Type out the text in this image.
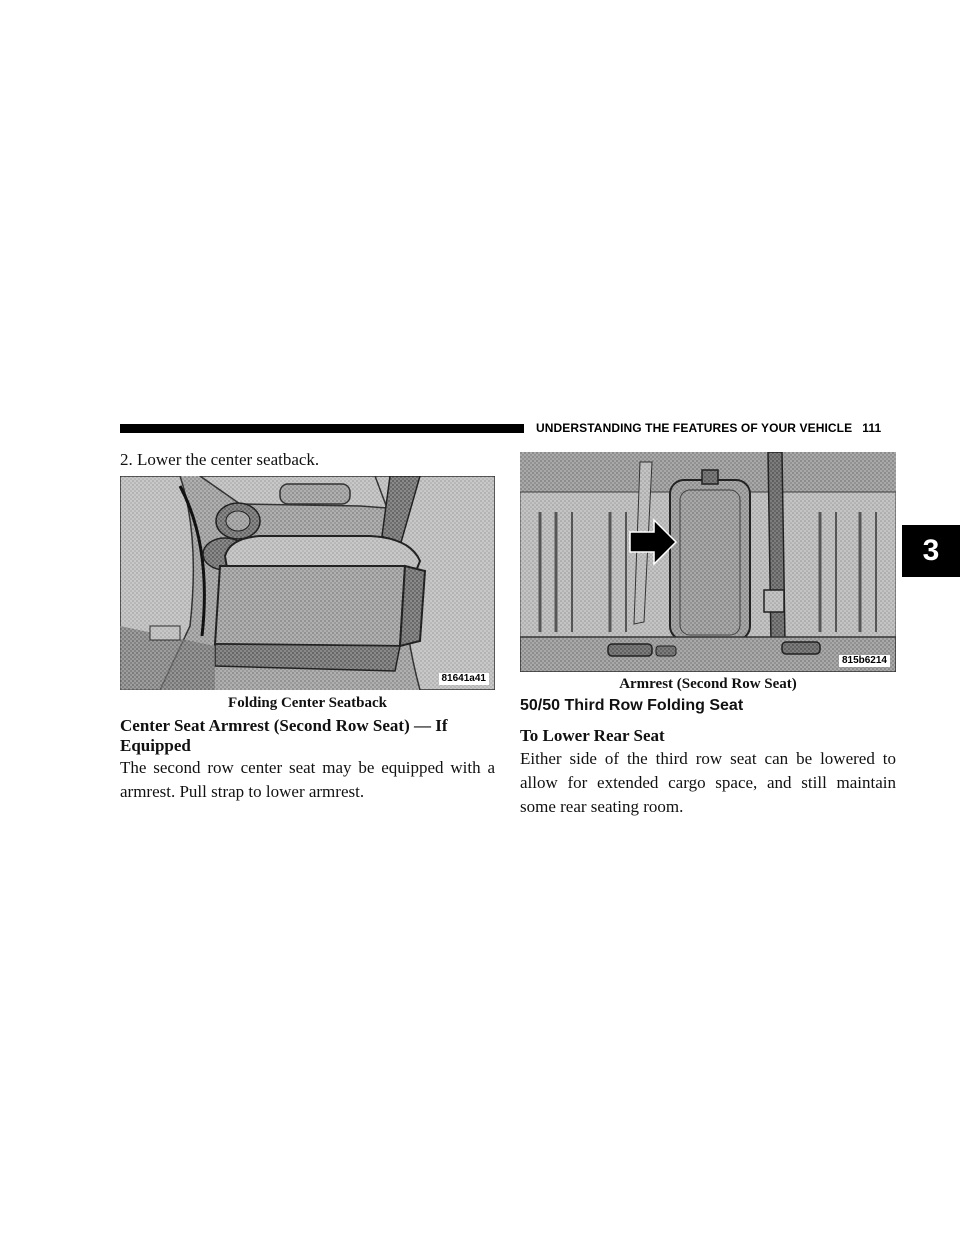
UNDERSTANDING THE FEATURES OF YOUR VEHICLE 111
3
2. Lower the center seatback.
81641a41
Folding Center Seatback
Center Seat Armrest (Second Row Seat) — If Equipped
The second row center seat may be equipped with a armrest. Pull strap to lower armrest.
815b6214
Armrest (Second Row Seat)
50/50 Third Row Folding Seat
To Lower Rear Seat
Either side of the third row seat can be lowered to allow for extended cargo space, and still maintain some rear seating room.
